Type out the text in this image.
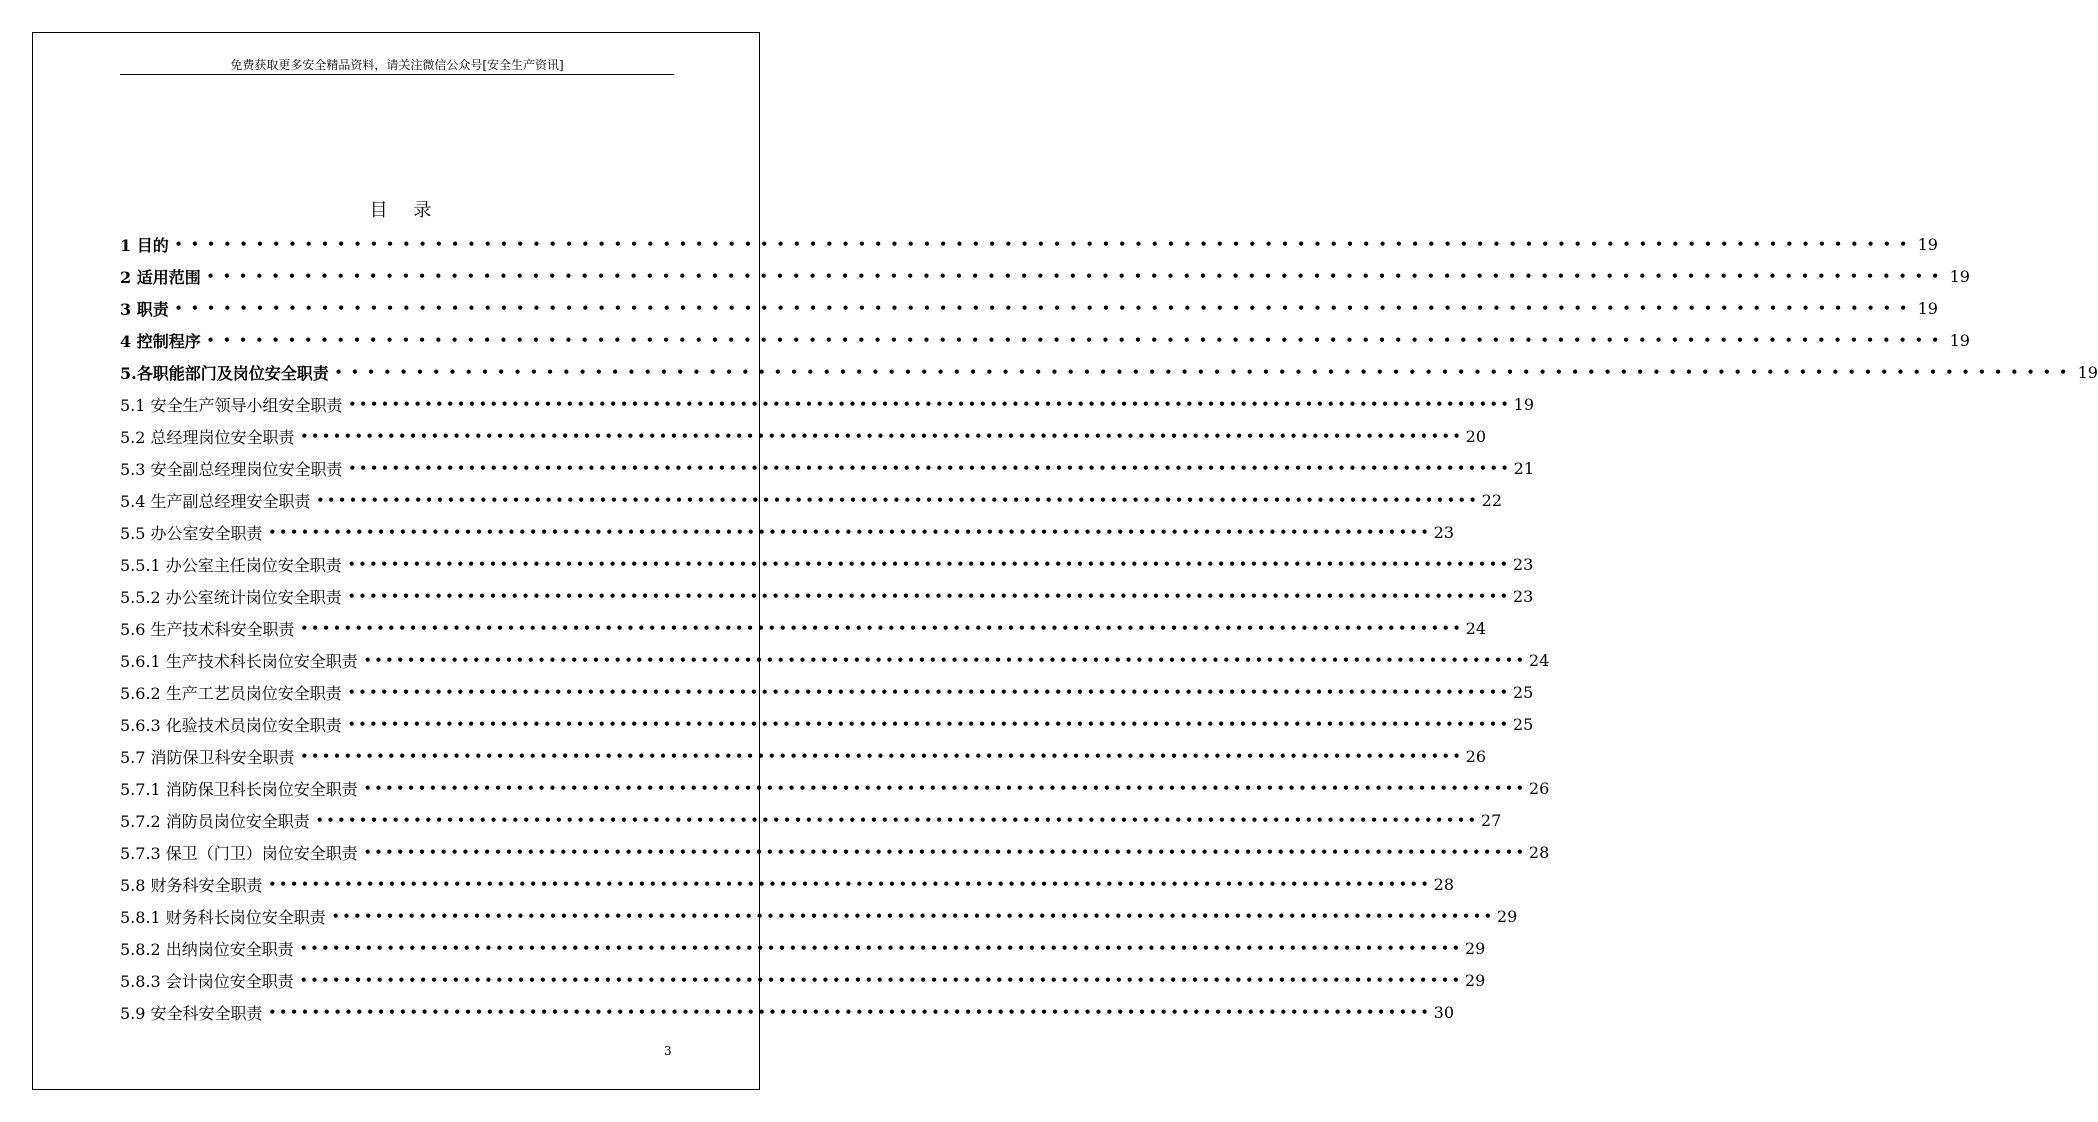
免费获取更多安全精品资料，请关注微信公众号[安全生产资讯]
目 录
1 目的 ••••••••••••••••••••••••••••••••••••••••••••••••••••••••••••••••••••••••••••••••••••••••••••••••••••••••••• 19
2 适用范围 ••••••••••••••••••••••••••••••••••••••••••••••••••••••••••••••••••••••••••••••••••••••••••••••••••••••••••• 19
3 职责 ••••••••••••••••••••••••••••••••••••••••••••••••••••••••••••••••••••••••••••••••••••••••••••••••••••••••••• 19
4 控制程序 ••••••••••••••••••••••••••••••••••••••••••••••••••••••••••••••••••••••••••••••••••••••••••••••••••••••••••• 19
5.各职能部门及岗位安全职责 ••••••••••••••••••••••••••••••••••••••••••••••••••••••••••••••••••••••••••••••••••••••••••••••••••••••••••• 19
5.1 安全生产领导小组安全职责 ••••••••••••••••••••••••••••••••••••••••••••••••••••••••••••••••••••••••••••••••••••••••••••••••••••••••••• 19
5.2 总经理岗位安全职责 ••••••••••••••••••••••••••••••••••••••••••••••••••••••••••••••••••••••••••••••••••••••••••••••••••••••••••• 20
5.3 安全副总经理岗位安全职责 ••••••••••••••••••••••••••••••••••••••••••••••••••••••••••••••••••••••••••••••••••••••••••••••••••••••••••• 21
5.4 生产副总经理安全职责 ••••••••••••••••••••••••••••••••••••••••••••••••••••••••••••••••••••••••••••••••••••••••••••••••••••••••••• 22
5.5 办公室安全职责 ••••••••••••••••••••••••••••••••••••••••••••••••••••••••••••••••••••••••••••••••••••••••••••••••••••••••••• 23
5.5.1 办公室主任岗位安全职责 ••••••••••••••••••••••••••••••••••••••••••••••••••••••••••••••••••••••••••••••••••••••••••••••••••••••••••• 23
5.5.2 办公室统计岗位安全职责 ••••••••••••••••••••••••••••••••••••••••••••••••••••••••••••••••••••••••••••••••••••••••••••••••••••••••••• 23
5.6 生产技术科安全职责 ••••••••••••••••••••••••••••••••••••••••••••••••••••••••••••••••••••••••••••••••••••••••••••••••••••••••••• 24
5.6.1 生产技术科长岗位安全职责 ••••••••••••••••••••••••••••••••••••••••••••••••••••••••••••••••••••••••••••••••••••••••••••••••••••••••••• 24
5.6.2 生产工艺员岗位安全职责 ••••••••••••••••••••••••••••••••••••••••••••••••••••••••••••••••••••••••••••••••••••••••••••••••••••••••••• 25
5.6.3 化验技术员岗位安全职责 ••••••••••••••••••••••••••••••••••••••••••••••••••••••••••••••••••••••••••••••••••••••••••••••••••••••••••• 25
5.7 消防保卫科安全职责 ••••••••••••••••••••••••••••••••••••••••••••••••••••••••••••••••••••••••••••••••••••••••••••••••••••••••••• 26
5.7.1 消防保卫科长岗位安全职责 ••••••••••••••••••••••••••••••••••••••••••••••••••••••••••••••••••••••••••••••••••••••••••••••••••••••••••• 26
5.7.2 消防员岗位安全职责 ••••••••••••••••••••••••••••••••••••••••••••••••••••••••••••••••••••••••••••••••••••••••••••••••••••••••••• 27
5.7.3 保卫（门卫）岗位安全职责 ••••••••••••••••••••••••••••••••••••••••••••••••••••••••••••••••••••••••••••••••••••••••••••••••••••••••••• 28
5.8 财务科安全职责 ••••••••••••••••••••••••••••••••••••••••••••••••••••••••••••••••••••••••••••••••••••••••••••••••••••••••••• 28
5.8.1 财务科长岗位安全职责 ••••••••••••••••••••••••••••••••••••••••••••••••••••••••••••••••••••••••••••••••••••••••••••••••••••••••••• 29
5.8.2 出纳岗位安全职责 ••••••••••••••••••••••••••••••••••••••••••••••••••••••••••••••••••••••••••••••••••••••••••••••••••••••••••• 29
5.8.3 会计岗位安全职责 ••••••••••••••••••••••••••••••••••••••••••••••••••••••••••••••••••••••••••••••••••••••••••••••••••••••••••• 29
5.9 安全科安全职责 ••••••••••••••••••••••••••••••••••••••••••••••••••••••••••••••••••••••••••••••••••••••••••••••••••••••••••• 30
3
